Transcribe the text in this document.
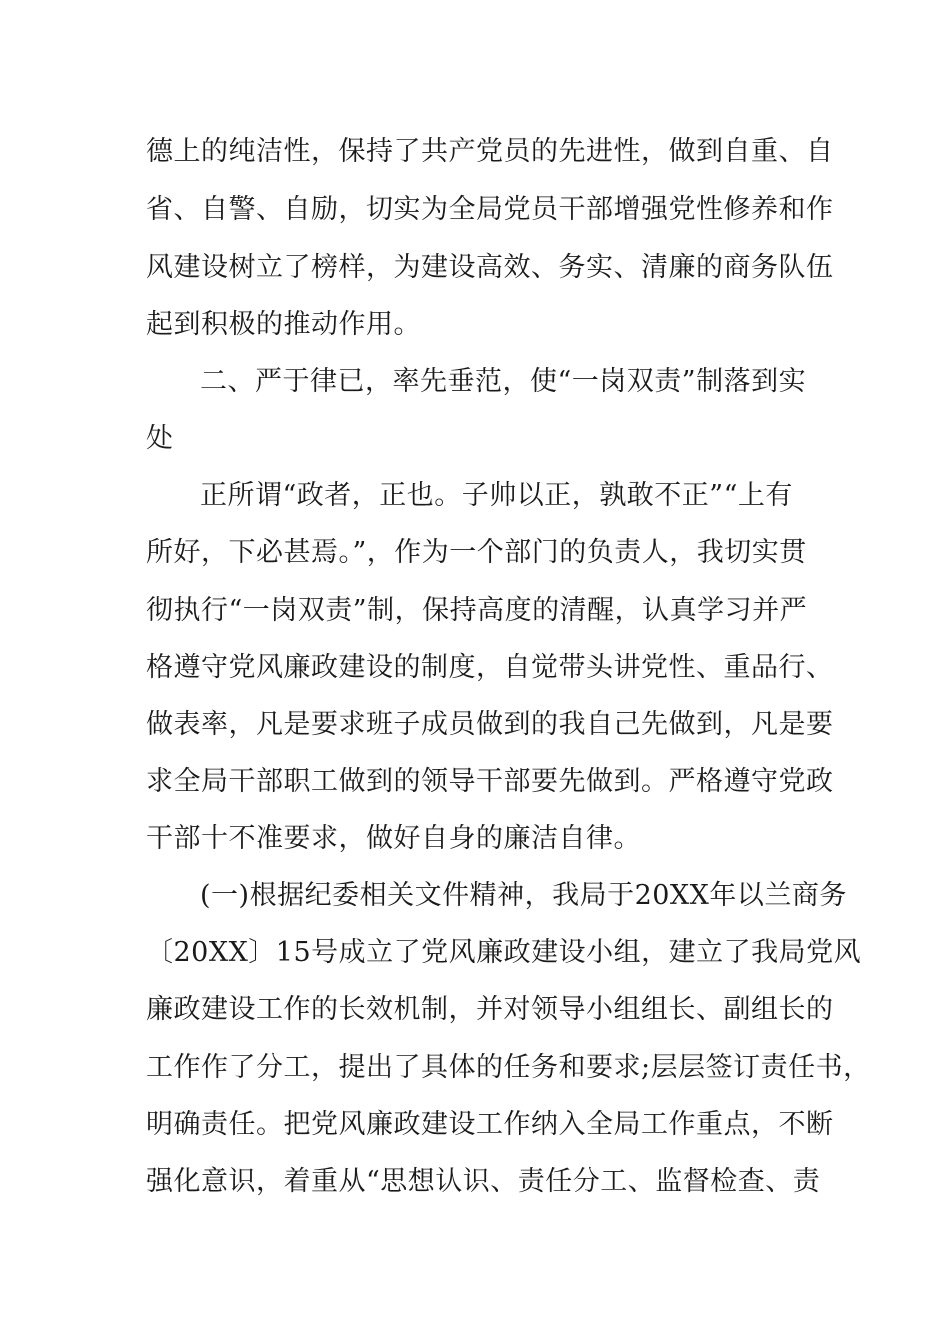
德上的纯洁性，保持了共产党员的先进性，做到自重、自
省、自警、自励，切实为全局党员干部增强党性修养和作
风建设树立了榜样，为建设高效、务实、清廉的商务队伍
起到积极的推动作用。
二、严于律已，率先垂范，使“一岗双责”制落到实
处
正所谓“政者，正也。子帅以正，孰敢不正”“上有
所好，下必甚焉。”，作为一个部门的负责人，我切实贯
彻执行“一岗双责”制，保持高度的清醒，认真学习并严
格遵守党风廉政建设的制度，自觉带头讲党性、重品行、
做表率，凡是要求班子成员做到的我自己先做到，凡是要
求全局干部职工做到的领导干部要先做到。严格遵守党政
干部十不准要求，做好自身的廉洁自律。
(一)根据纪委相关文件精神，我局于20XX年以兰商务
〔20XX〕15号成立了党风廉政建设小组，建立了我局党风
廉政建设工作的长效机制，并对领导小组组长、副组长的
工作作了分工，提出了具体的任务和要求;层层签订责任书，
明确责任。把党风廉政建设工作纳入全局工作重点，不断
强化意识，着重从“思想认识、责任分工、监督检查、责
